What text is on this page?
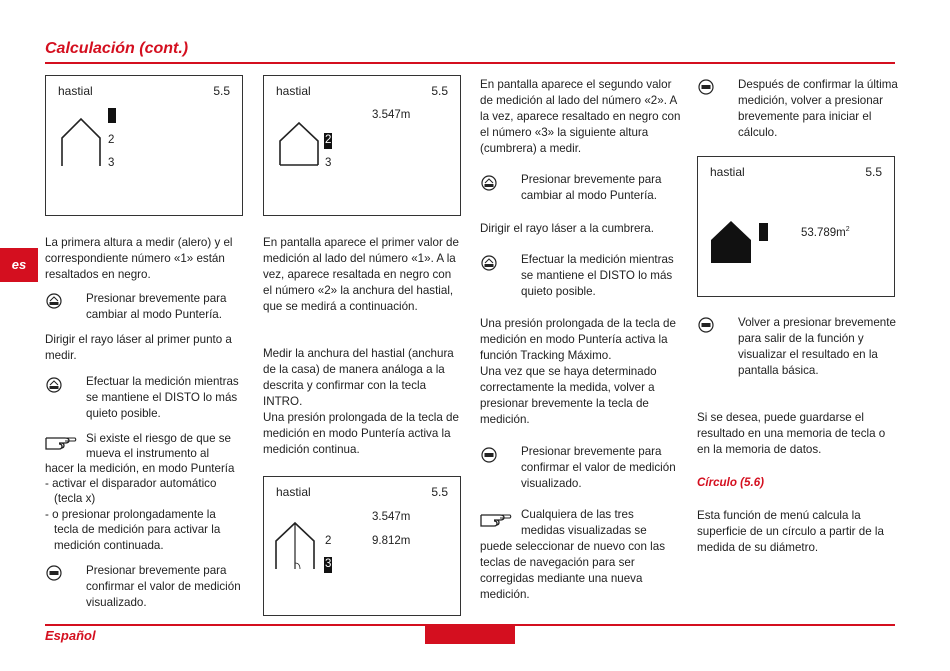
Calculación (cont.)
es
hastial	5.5
2
3
La primera altura a medir (alero) y el correspondiente número «1» están resaltados en negro.
Presionar brevemente para cambiar al modo Puntería.
Dirigir el rayo láser al primer punto a medir.
Efectuar la medición mientras se mantiene el DISTO lo más quieto posible.
Si existe el riesgo de que se
mueva el instrumento al
hacer la medición, en modo Puntería
- activar el disparador automático
(tecla x)
- o presionar prolongadamente la
tecla de medición para activar la
medición continuada.
Presionar brevemente para confirmar el valor de medición visualizado.
hastial	5.5
3.547m
2
3
En pantalla aparece el primer valor de medición al lado del número «1». A la vez, aparece resaltada en negro con el número «2» la anchura del hastial, que se medirá a continuación.
Medir la anchura del hastial (anchura de la casa) de manera análoga a la descrita y confirmar con la tecla INTRO.
Una presión prolongada de la tecla de medición en modo Puntería activa la medición continua.
hastial	5.5
3.547m
9.812m
2
3
En pantalla aparece el segundo valor de medición al lado del número «2». A la vez, aparece resaltado en negro con el número «3» la siguiente altura (cumbrera) a medir.
Presionar brevemente para cambiar al modo Puntería.
Dirigir el rayo láser a la cumbrera.
Efectuar la medición mientras se mantiene el DISTO lo más quieto posible.
Una presión prolongada de la tecla de medición en modo Puntería activa la función Tracking Máximo.
Una vez que se haya determinado correctamente la medida, volver a presionar brevemente la tecla de medición.
Presionar brevemente para confirmar el valor de medición visualizado.
Cualquiera de las tres
medidas visualizadas se
puede seleccionar de nuevo con las teclas de navegación para ser corregidas mediante una nueva medición.
Después de confirmar la última medición, volver a presionar brevemente para iniciar el cálculo.
hastial	5.5
$53.789m^2$
Volver a presionar brevemente para salir de la función y visualizar el resultado en la pantalla básica.
Si se desea, puede guardarse el resultado en una memoria de tecla o en la memoria de datos.
Círculo (5.6)
Esta función de menú calcula la superficie de un círculo a partir de la medida de su diámetro.
Español
